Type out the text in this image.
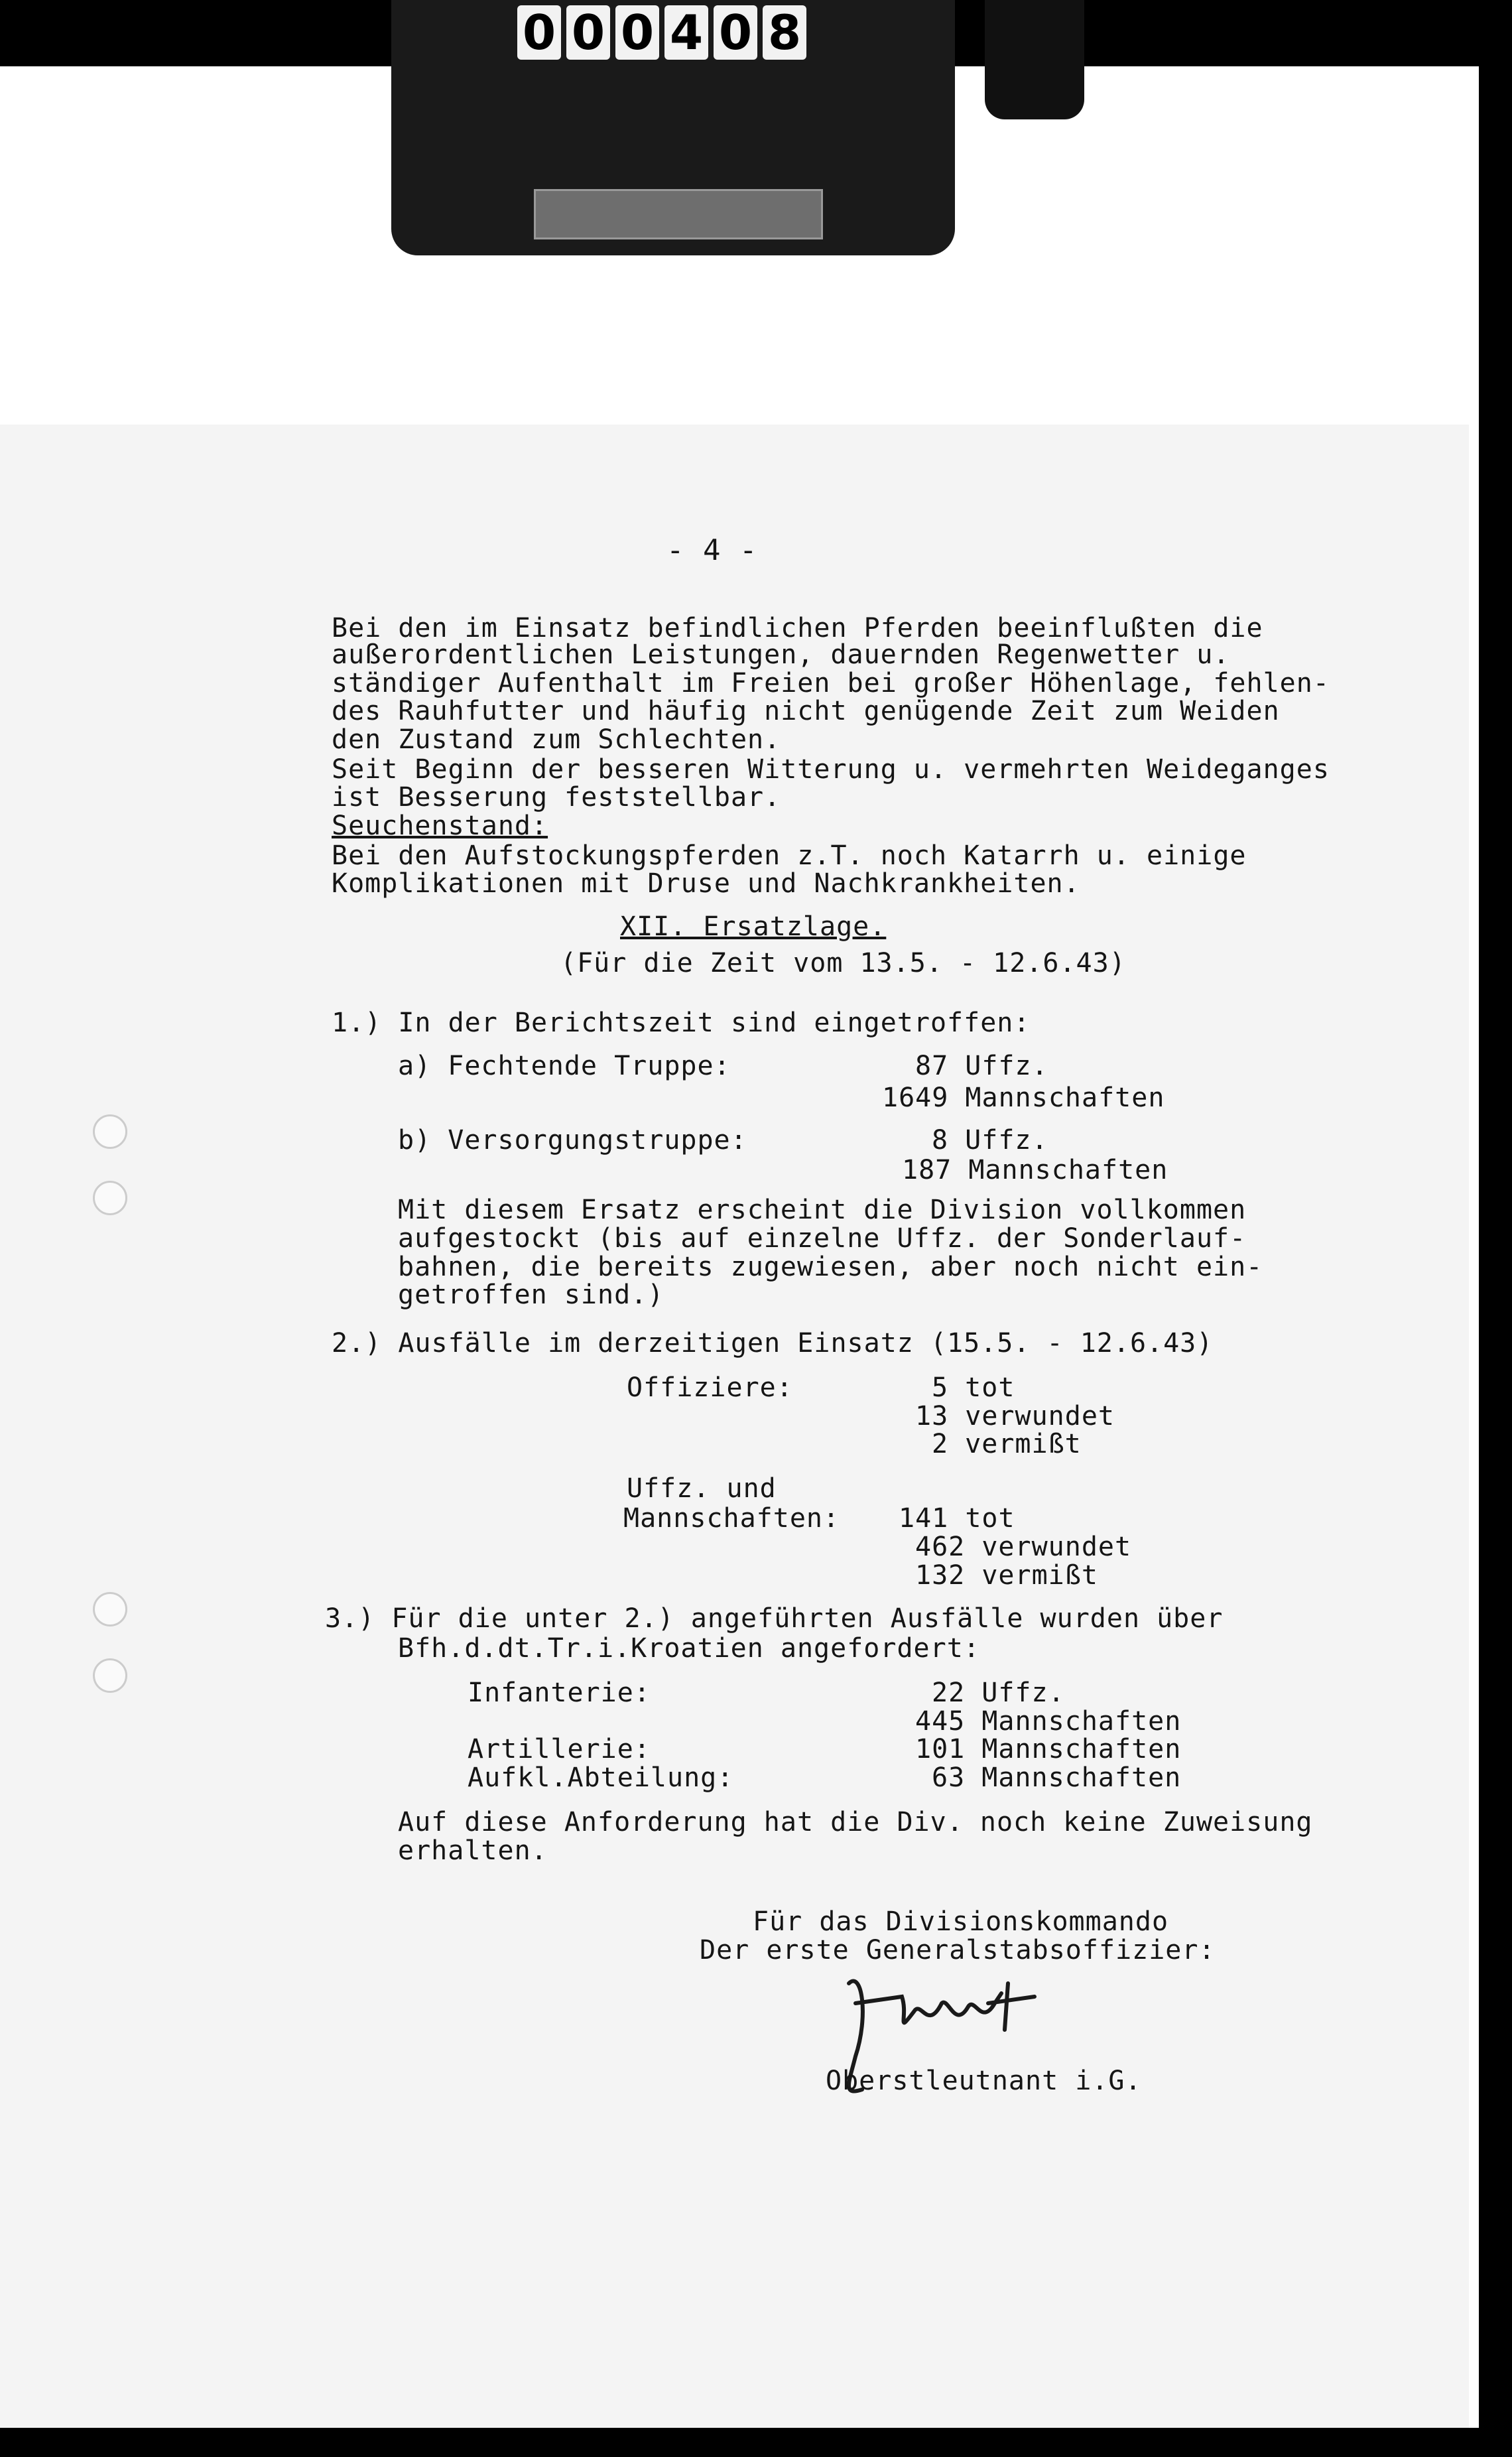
0 0 0 4 0 8
- 4 -
Bei den im Einsatz befindlichen Pferden beeinflußten die
außerordentlichen Leistungen, dauernden Regenwetter u.
ständiger Aufenthalt im Freien bei großer Höhenlage, fehlen-
des Rauhfutter und häufig nicht genügende Zeit zum Weiden
den Zustand zum Schlechten.
Seit Beginn der besseren Witterung u. vermehrten Weideganges
ist Besserung feststellbar.
Seuchenstand:
Bei den Aufstockungspferden z.T. noch Katarrh u. einige
Komplikationen mit Druse und Nachkrankheiten.
XII. Ersatzlage.
(Für die Zeit vom 13.5. - 12.6.43)
1.) In der Berichtszeit sind eingetroffen:
a) Fechtende Truppe:	87 Uffz.
1649 Mannschaften
b) Versorgungstruppe:	8 Uffz.
187 Mannschaften
Mit diesem Ersatz erscheint die Division vollkommen
aufgestockt (bis auf einzelne Uffz. der Sonderlauf-
bahnen, die bereits zugewiesen, aber noch nicht ein-
getroffen sind.)
2.) Ausfälle im derzeitigen Einsatz (15.5. - 12.6.43)
Offiziere:	5 tot
13 verwundet
2 vermißt
Uffz. und
Mannschaften: 141 tot
462 verwundet
132 vermißt
3.) Für die unter 2.) angeführten Ausfälle wurden über
Bfh.d.dt.Tr.i.Kroatien angefordert:
Infanterie:	22 Uffz.
445 Mannschaften
Artillerie:	101 Mannschaften
Aufkl.Abteilung:	63 Mannschaften
Auf diese Anforderung hat die Div. noch keine Zuweisung
erhalten.
Für das Divisionskommando
Der erste Generalstabsoffizier:
Oberstleutnant i.G.
